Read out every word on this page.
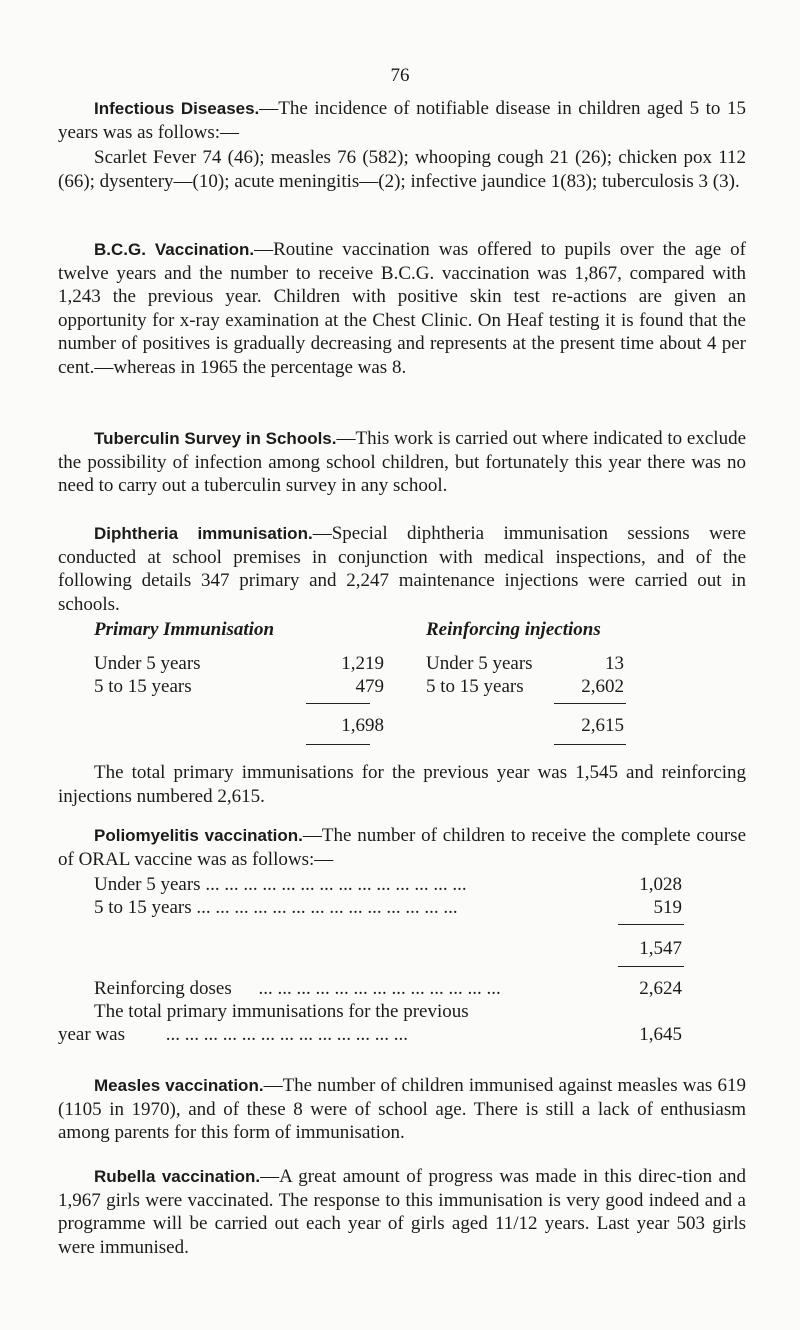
76

Infectious Diseases.—The incidence of notifiable disease in children aged 5 to 15 years was as follows:—

Scarlet Fever 74 (46); measles 76 (582); whooping cough 21 (26); chicken pox 112 (66); dysentery—(10); acute meningitis—(2); infective jaundice 1(83); tuberculosis 3 (3).

B.C.G. Vaccination.—Routine vaccination was offered to pupils over the age of twelve years and the number to receive B.C.G. vaccination was 1,867, compared with 1,243 the previous year. Children with positive skin test re-actions are given an opportunity for x-ray examination at the Chest Clinic. On Heaf testing it is found that the number of positives is gradually decreasing and represents at the present time about 4 per cent.—whereas in 1965 the percentage was 8.

Tuberculin Survey in Schools.—This work is carried out where indicated to exclude the possibility of infection among school children, but fortunately this year there was no need to carry out a tuberculin survey in any school.

Diphtheria immunisation.—Special diphtheria immunisation sessions were conducted at school premises in conjunction with medical inspections, and of the following details 347 primary and 2,247 maintenance injections were carried out in schools.

Primary Immunisation
Under 5 years	1,219
5 to 15 years	479
1,698
Reinforcing injections
Under 5 years	13
5 to 15 years	2,602
2,615

The total primary immunisations for the previous year was 1,545 and reinforcing injections numbered 2,615.

Poliomyelitis vaccination.—The number of children to receive the complete course of ORAL vaccine was as follows:—

Under 5 years ... ... ... ... ... ... ... ... ... ... ... ... ... ...	1,028
5 to 15 years ... ... ... ... ... ... ... ... ... ... ... ... ... ...	519
1,547
Reinforcing doses ... ... ... ... ... ... ... ... ... ... ... ... ...	2,624
The total primary immunisations for the previous
year was ... ... ... ... ... ... ... ... ... ... ... ... ...	1,645

Measles vaccination.—The number of children immunised against measles was 619 (1105 in 1970), and of these 8 were of school age. There is still a lack of enthusiasm among parents for this form of immunisation.

Rubella vaccination.—A great amount of progress was made in this direc-tion and 1,967 girls were vaccinated. The response to this immunisation is very good indeed and a programme will be carried out each year of girls aged 11/12 years. Last year 503 girls were immunised.
